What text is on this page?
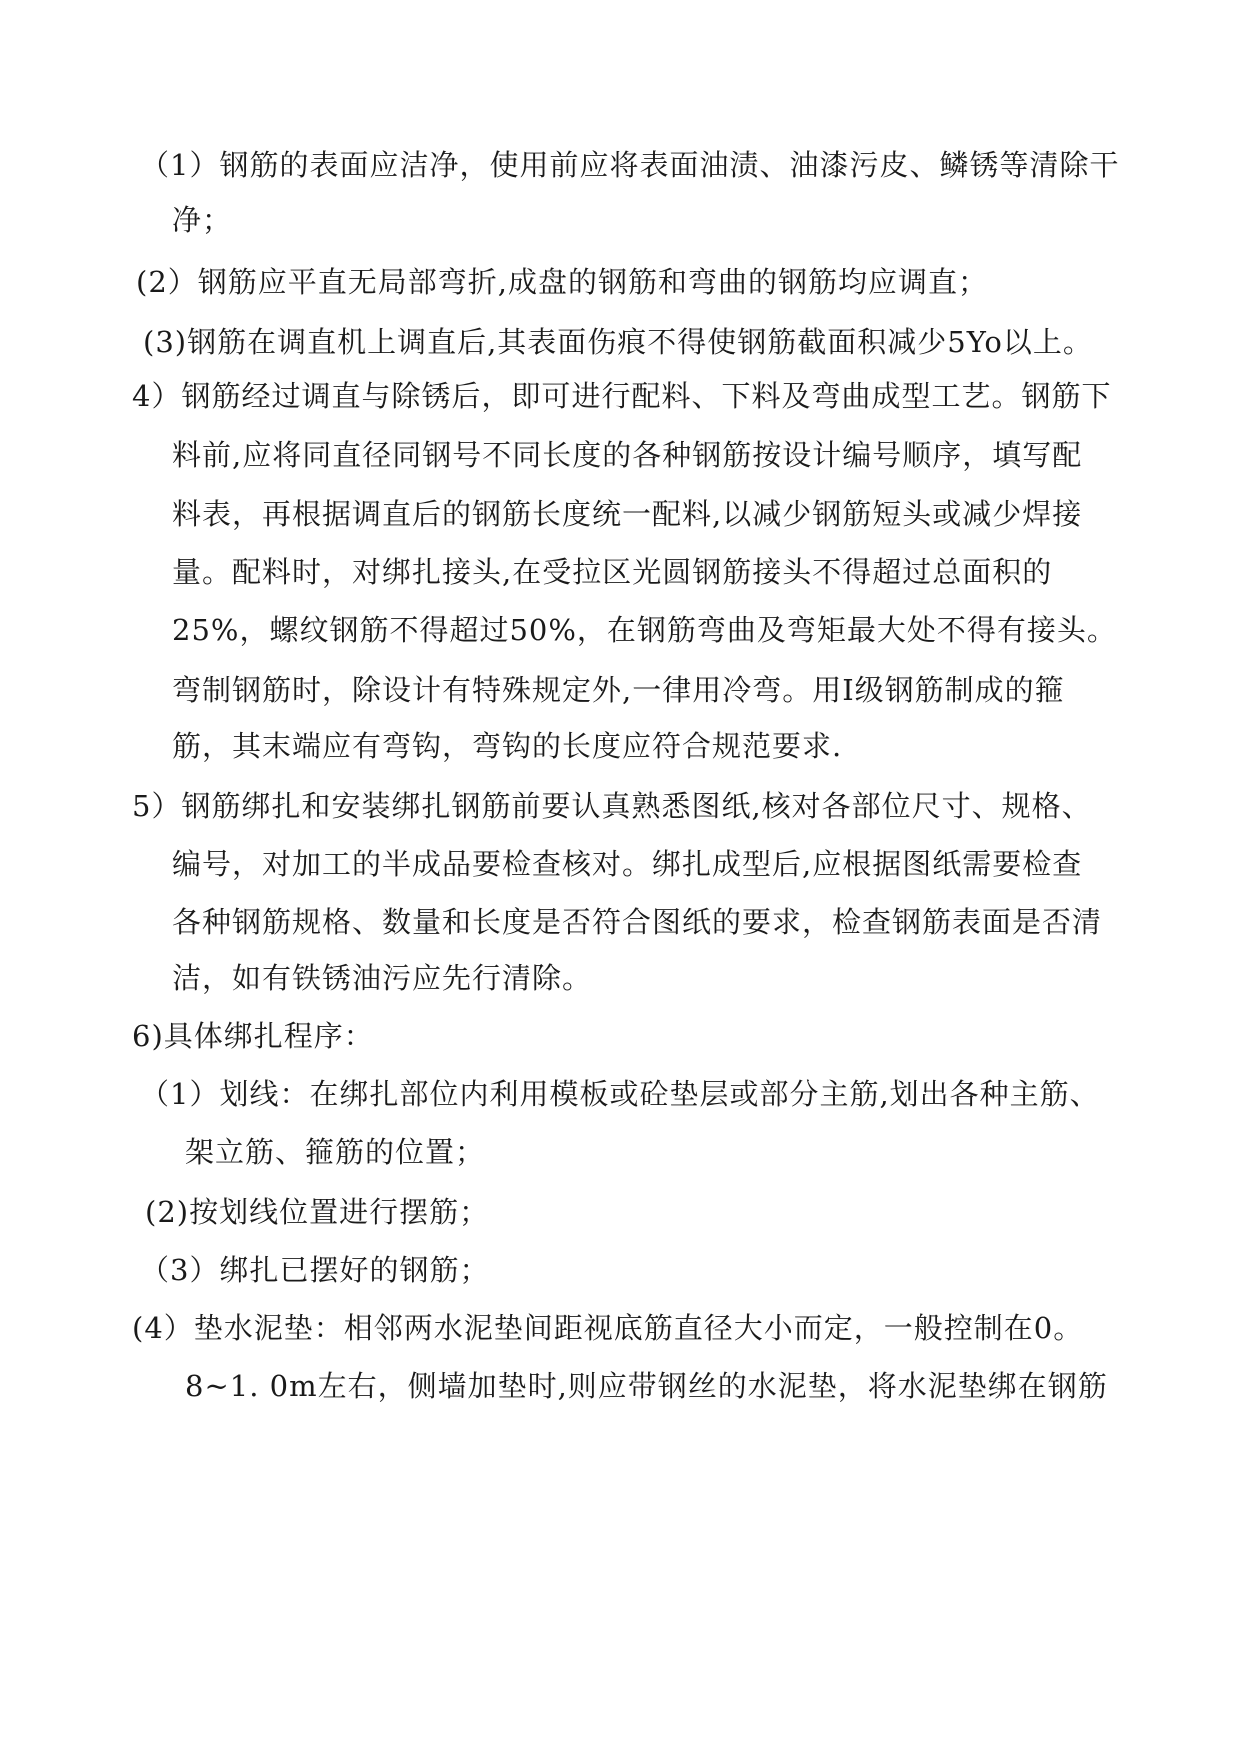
（1）钢筋的表面应洁净，使用前应将表面油渍、油漆污皮、鳞锈等清除干
净；
(2）钢筋应平直无局部弯折,成盘的钢筋和弯曲的钢筋均应调直；
(3)钢筋在调直机上调直后,其表面伤痕不得使钢筋截面积减少5Yo以上。
4）钢筋经过调直与除锈后，即可进行配料、下料及弯曲成型工艺。钢筋下
料前,应将同直径同钢号不同长度的各种钢筋按设计编号顺序，填写配
料表，再根据调直后的钢筋长度统一配料,以减少钢筋短头或减少焊接
量。配料时，对绑扎接头,在受拉区光圆钢筋接头不得超过总面积的
25%，螺纹钢筋不得超过50%，在钢筋弯曲及弯矩最大处不得有接头。
弯制钢筋时，除设计有特殊规定外,一律用冷弯。用I级钢筋制成的箍
筋，其末端应有弯钩，弯钩的长度应符合规范要求.
5）钢筋绑扎和安装绑扎钢筋前要认真熟悉图纸,核对各部位尺寸、规格、
编号，对加工的半成品要检查核对。绑扎成型后,应根据图纸需要检查
各种钢筋规格、数量和长度是否符合图纸的要求，检查钢筋表面是否清
洁，如有铁锈油污应先行清除。
6)具体绑扎程序：
（1）划线：在绑扎部位内利用模板或砼垫层或部分主筋,划出各种主筋、
架立筋、箍筋的位置；
(2)按划线位置进行摆筋；
（3）绑扎已摆好的钢筋；
(4）垫水泥垫：相邻两水泥垫间距视底筋直径大小而定，一般控制在0。
8~1. 0m左右，侧墙加垫时,则应带钢丝的水泥垫，将水泥垫绑在钢筋
